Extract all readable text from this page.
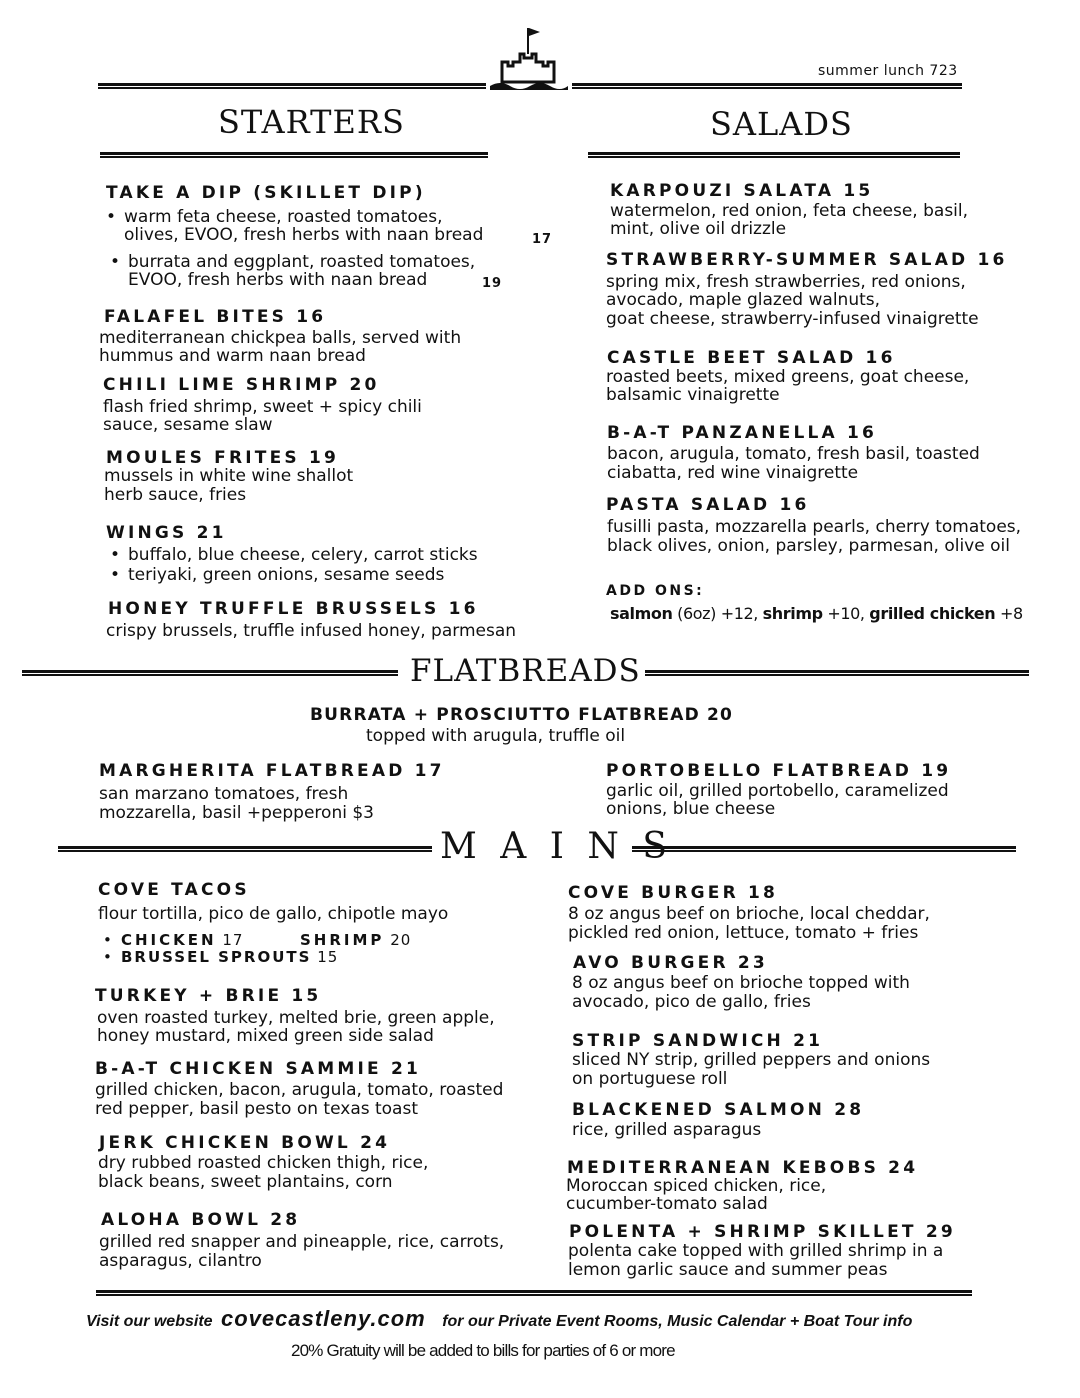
summer lunch 723
STARTERS	SALADS
TAKE A DIP (SKILLET DIP)
• warm feta cheese, roasted tomatoes,
olives, EVOO, fresh herbs with naan bread	17
• burrata and eggplant, roasted tomatoes,
EVOO, fresh herbs with naan bread	19
FALAFEL BITES 16
mediterranean chickpea balls, served with
hummus and warm naan bread
CHILI LIME SHRIMP 20
flash fried shrimp, sweet + spicy chili
sauce, sesame slaw
MOULES FRITES 19
mussels in white wine shallot
herb sauce, fries
WINGS 21
• buffalo, blue cheese, celery, carrot sticks
• teriyaki, green onions, sesame seeds
HONEY TRUFFLE BRUSSELS 16
crispy brussels, truffle infused honey, parmesan
KARPOUZI SALATA 15
watermelon, red onion, feta cheese, basil,
mint, olive oil drizzle
STRAWBERRY-SUMMER SALAD 16
spring mix, fresh strawberries, red onions,
avocado, maple glazed walnuts,
goat cheese, strawberry-infused vinaigrette
CASTLE BEET SALAD 16
roasted beets, mixed greens, goat cheese,
balsamic vinaigrette
B-A-T PANZANELLA 16
bacon, arugula, tomato, fresh basil, toasted
ciabatta, red wine vinaigrette
PASTA SALAD 16
fusilli pasta, mozzarella pearls, cherry tomatoes,
black olives, onion, parsley, parmesan, olive oil
ADD ONS:
salmon (6oz) +12, shrimp +10, grilled chicken +8
FLATBREADS
BURRATA + PROSCIUTTO FLATBREAD 20
topped with arugula, truffle oil
MARGHERITA FLATBREAD 17
san marzano tomatoes, fresh
mozzarella, basil +pepperoni $3
PORTOBELLO FLATBREAD 19
garlic oil, grilled portobello, caramelized
onions, blue cheese
M A I N S
COVE TACOS
flour tortilla, pico de gallo, chipotle mayo
• CHICKEN 17	SHRIMP 20
• BRUSSEL SPROUTS 15
TURKEY + BRIE 15
oven roasted turkey, melted brie, green apple,
honey mustard, mixed green side salad
B-A-T CHICKEN SAMMIE 21
grilled chicken, bacon, arugula, tomato, roasted
red pepper, basil pesto on texas toast
JERK CHICKEN BOWL 24
dry rubbed roasted chicken thigh, rice,
black beans, sweet plantains, corn
ALOHA BOWL 28
grilled red snapper and pineapple, rice, carrots,
asparagus, cilantro
COVE BURGER 18
8 oz angus beef on brioche, local cheddar,
pickled red onion, lettuce, tomato + fries
AVO BURGER 23
8 oz angus beef on brioche topped with
avocado, pico de gallo, fries
STRIP SANDWICH 21
sliced NY strip, grilled peppers and onions
on portuguese roll
BLACKENED SALMON 28
rice, grilled asparagus
MEDITERRANEAN KEBOBS 24
Moroccan spiced chicken, rice,
cucumber-tomato salad
POLENTA + SHRIMP SKILLET 29
polenta cake topped with grilled shrimp in a
lemon garlic sauce and summer peas
Visit our website covecastleny.com for our Private Event Rooms, Music Calendar + Boat Tour info
20% Gratuity will be added to bills for parties of 6 or more
